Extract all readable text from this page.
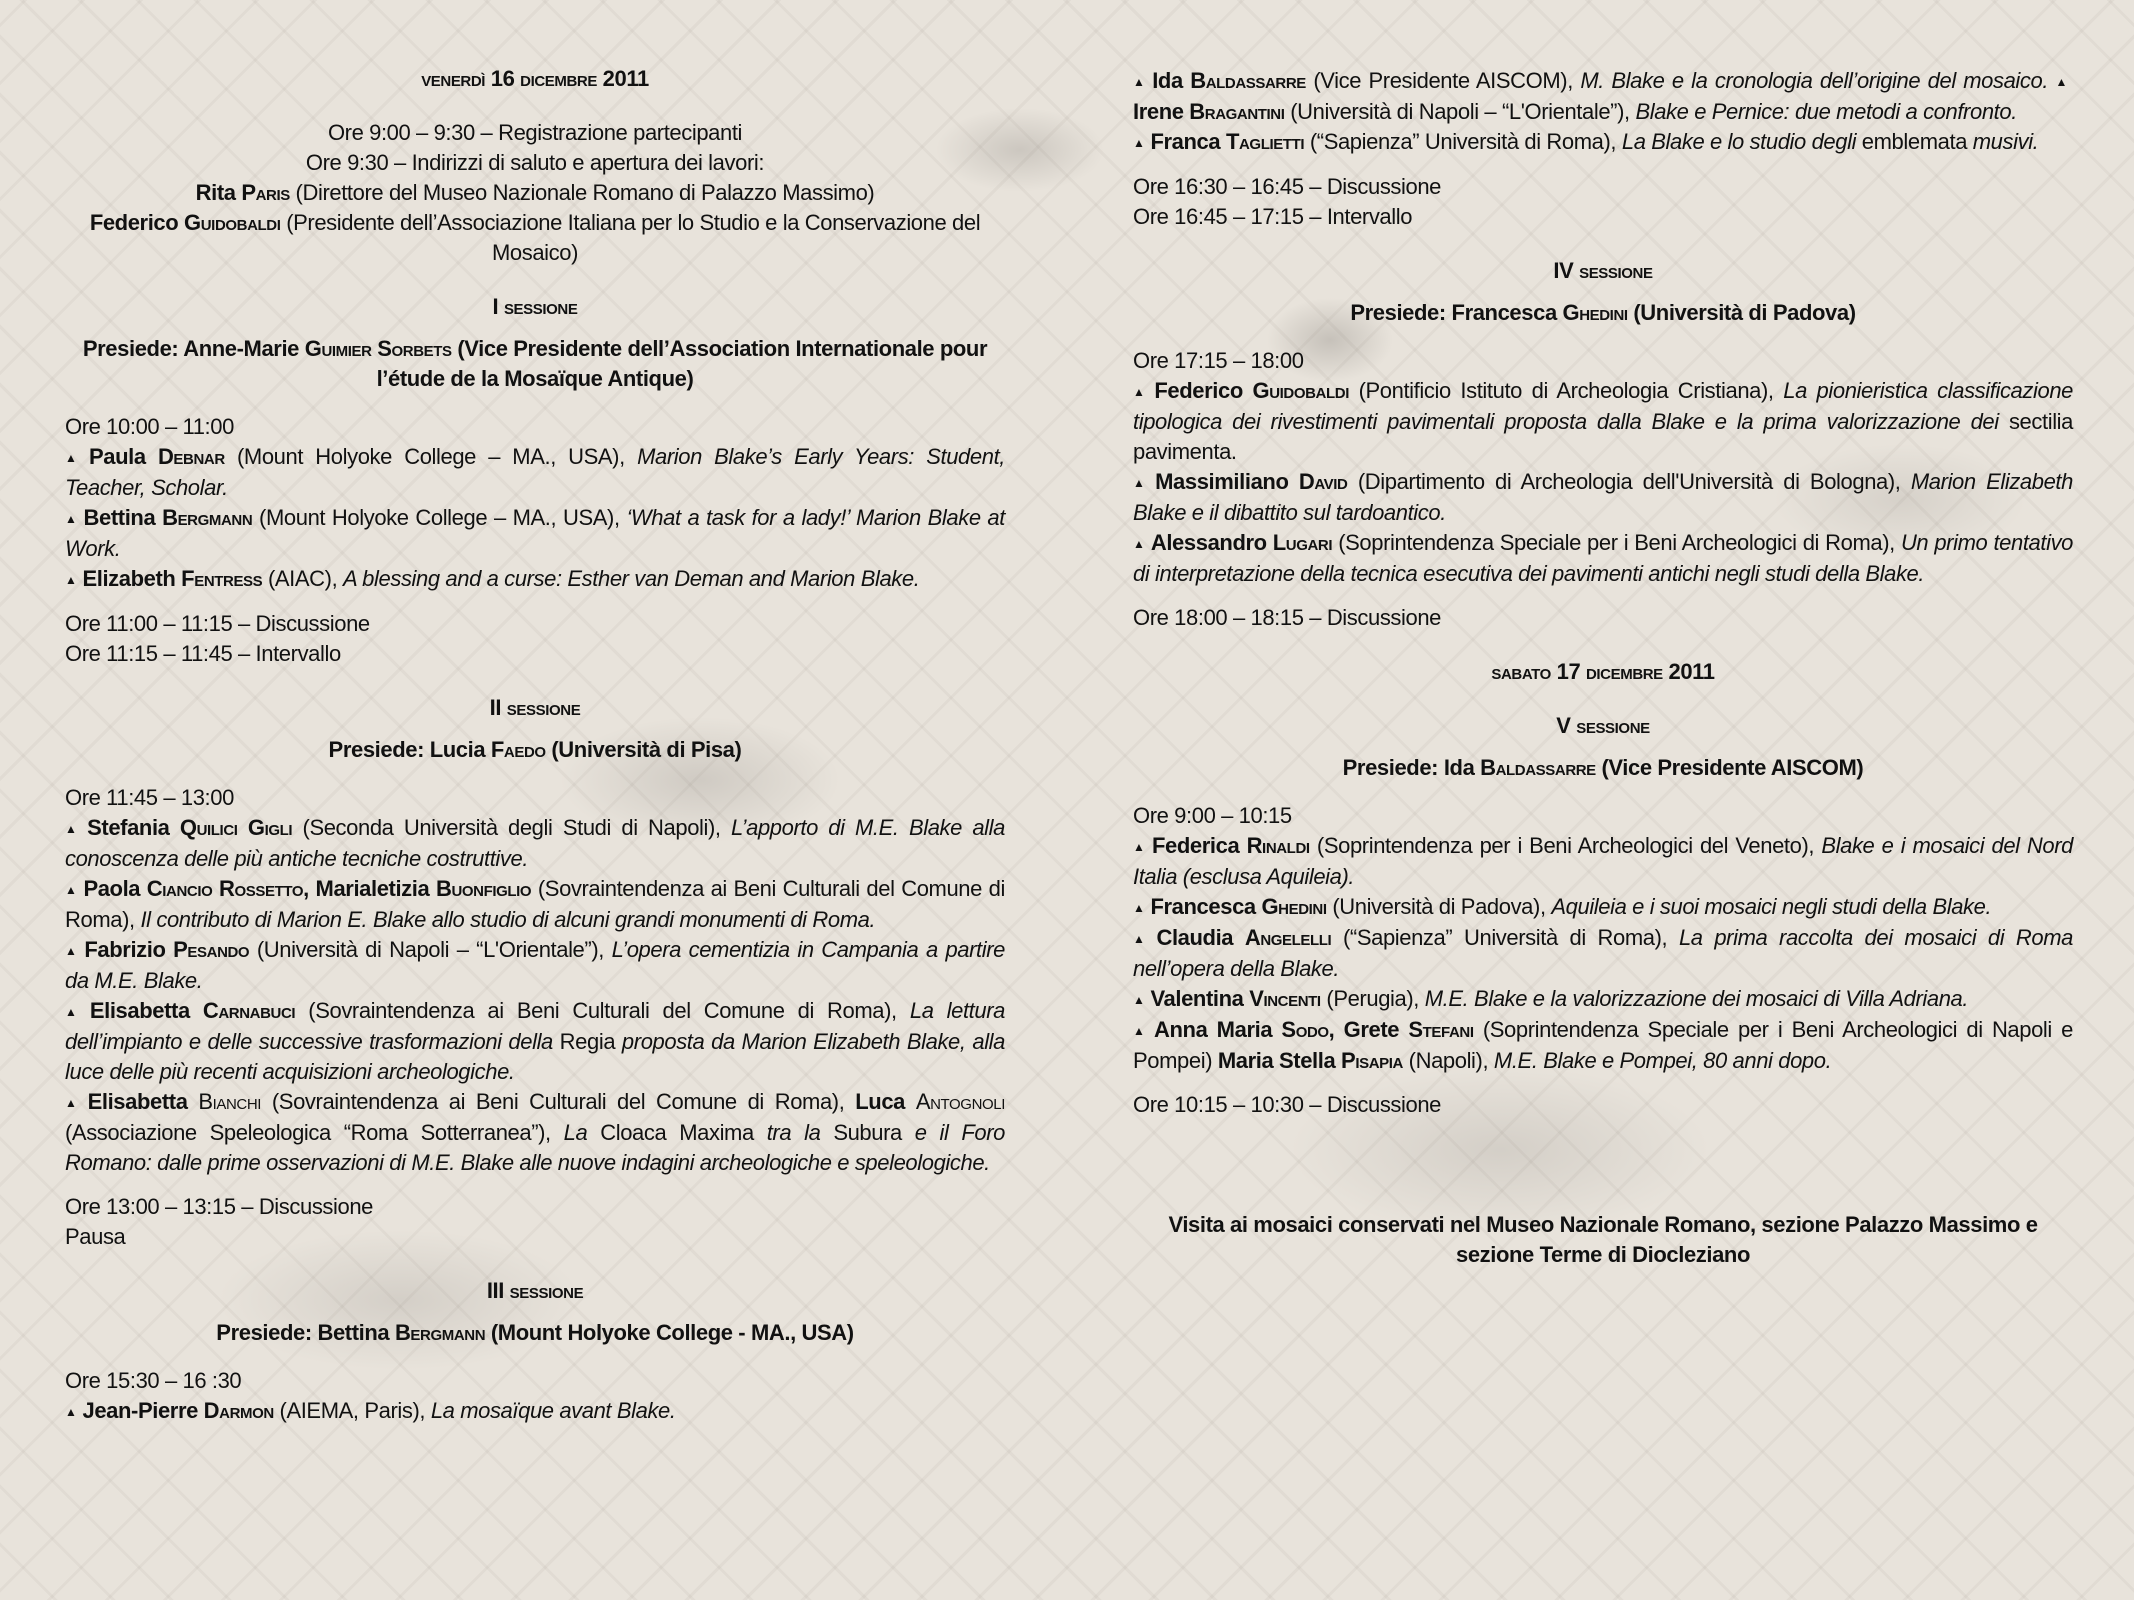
venerdì 16 dicembre 2011
Ore 9:00 – 9:30 – Registrazione partecipanti
Ore 9:30 – Indirizzi di saluto e apertura dei lavori:
Rita Paris (Direttore del Museo Nazionale Romano di Palazzo Massimo)
Federico Guidobaldi (Presidente dell’Associazione Italiana per lo Studio e la Conservazione del Mosaico)
I sessione
Presiede: Anne-Marie Guimier Sorbets (Vice Presidente dell’Association Internationale pour l’étude de la Mosaïque Antique)
Ore 10:00 – 11:00
▲ Paula Debnar (Mount Holyoke College – MA., USA), Marion Blake’s Early Years: Student, Teacher, Scholar.
▲ Bettina Bergmann (Mount Holyoke College – MA., USA), ‘What a task for a lady!’ Marion Blake at Work.
▲ Elizabeth Fentress (AIAC), A blessing and a curse: Esther van Deman and Marion Blake.
Ore 11:00 – 11:15 – Discussione
Ore 11:15 – 11:45 – Intervallo
II sessione
Presiede: Lucia Faedo (Università di Pisa)
Ore 11:45 – 13:00
▲ Stefania Quilici Gigli (Seconda Università degli Studi di Napoli), L’apporto di M.E. Blake alla conoscenza delle più antiche tecniche costruttive.
▲ Paola Ciancio Rossetto, Marialetizia Buonfiglio (Sovraintendenza ai Beni Culturali del Comune di Roma), Il contributo di Marion E. Blake allo studio di alcuni grandi monumenti di Roma.
▲ Fabrizio Pesando (Università di Napoli – “L'Orientale”), L’opera cementizia in Campania a partire da M.E. Blake.
▲ Elisabetta Carnabuci (Sovraintendenza ai Beni Culturali del Comune di Roma), La lettura dell’impianto e delle successive trasformazioni della Regia proposta da Marion Elizabeth Blake, alla luce delle più recenti acquisizioni archeologiche.
▲ Elisabetta Bianchi (Sovraintendenza ai Beni Culturali del Comune di Roma), Luca Antognoli (Associazione Speleologica “Roma Sotterranea”), La Cloaca Maxima tra la Subura e il Foro Romano: dalle prime osservazioni di M.E. Blake alle nuove indagini archeologiche e speleologiche.
Ore 13:00 – 13:15 – Discussione
Pausa
III sessione
Presiede: Bettina Bergmann (Mount Holyoke College - MA., USA)
Ore 15:30 – 16 :30
▲ Jean-Pierre Darmon (AIEMA, Paris), La mosaïque avant Blake.
▲ Ida Baldassarre (Vice Presidente AISCOM), M. Blake e la cronologia dell’origine del mosaico. ▲ Irene Bragantini (Università di Napoli – “L'Orientale”), Blake e Pernice: due metodi a confronto.
▲ Franca Taglietti (“Sapienza” Università di Roma), La Blake e lo studio degli emblemata musivi.
Ore 16:30 – 16:45 – Discussione
Ore 16:45 – 17:15 – Intervallo
IV sessione
Presiede: Francesca Ghedini (Università di Padova)
Ore 17:15 – 18:00
▲ Federico Guidobaldi (Pontificio Istituto di Archeologia Cristiana), La pionieristica classificazione tipologica dei rivestimenti pavimentali proposta dalla Blake e la prima valorizzazione dei sectilia pavimenta.
▲ Massimiliano David (Dipartimento di Archeologia dell'Università di Bologna), Marion Elizabeth Blake e il dibattito sul tardoantico.
▲ Alessandro Lugari (Soprintendenza Speciale per i Beni Archeologici di Roma), Un primo tentativo di interpretazione della tecnica esecutiva dei pavimenti antichi negli studi della Blake.
Ore 18:00 – 18:15 – Discussione
sabato 17 dicembre 2011
V sessione
Presiede: Ida Baldassarre (Vice Presidente AISCOM)
Ore 9:00 – 10:15
▲ Federica Rinaldi (Soprintendenza per i Beni Archeologici del Veneto), Blake e i mosaici del Nord Italia (esclusa Aquileia).
▲ Francesca Ghedini (Università di Padova), Aquileia e i suoi mosaici negli studi della Blake.
▲ Claudia Angelelli (“Sapienza” Università di Roma), La prima raccolta dei mosaici di Roma nell’opera della Blake.
▲ Valentina Vincenti (Perugia), M.E. Blake e la valorizzazione dei mosaici di Villa Adriana.
▲ Anna Maria Sodo, Grete Stefani (Soprintendenza Speciale per i Beni Archeologici di Napoli e Pompei) Maria Stella Pisapia (Napoli), M.E. Blake e Pompei, 80 anni dopo.
Ore 10:15 – 10:30 – Discussione
Visita ai mosaici conservati nel Museo Nazionale Romano, sezione Palazzo Massimo e sezione Terme di Diocleziano
